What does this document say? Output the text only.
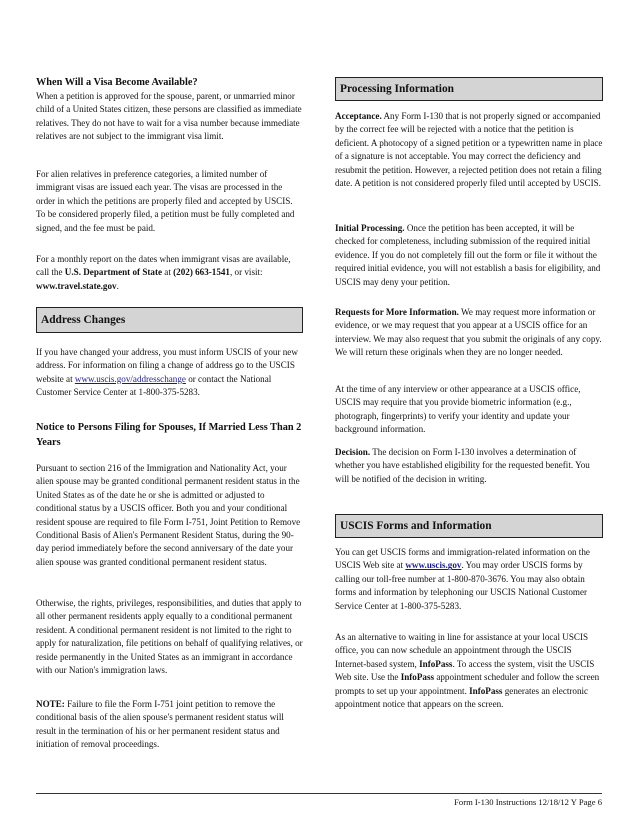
When Will a Visa Become Available?

When a petition is approved for the spouse, parent, or unmarried minor child of a United States citizen, these persons are classified as immediate relatives. They do not have to wait for a visa number because immediate relatives are not subject to the immigrant visa limit.

For alien relatives in preference categories, a limited number of immigrant visas are issued each year. The visas are processed in the order in which the petitions are properly filed and accepted by USCIS. To be considered properly filed, a petition must be fully completed and signed, and the fee must be paid.

For a monthly report on the dates when immigrant visas are available, call the U.S. Department of State at (202) 663-1541, or visit: www.travel.state.gov.

Address Changes

If you have changed your address, you must inform USCIS of your new address. For information on filing a change of address go to the USCIS website at www.uscis.gov/addresschange or contact the National Customer Service Center at 1-800-375-5283.

Notice to Persons Filing for Spouses, If Married Less Than 2 Years

Pursuant to section 216 of the Immigration and Nationality Act, your alien spouse may be granted conditional permanent resident status in the United States as of the date he or she is admitted or adjusted to conditional status by a USCIS officer. Both you and your conditional resident spouse are required to file Form I-751, Joint Petition to Remove Conditional Basis of Alien's Permanent Resident Status, during the 90-day period immediately before the second anniversary of the date your alien spouse was granted conditional permanent resident status.

Otherwise, the rights, privileges, responsibilities, and duties that apply to all other permanent residents apply equally to a conditional permanent resident. A conditional permanent resident is not limited to the right to apply for naturalization, file petitions on behalf of qualifying relatives, or reside permanently in the United States as an immigrant in accordance with our Nation's immigration laws.

NOTE: Failure to file the Form I-751 joint petition to remove the conditional basis of the alien spouse's permanent resident status will result in the termination of his or her permanent resident status and initiation of removal proceedings.

Processing Information

Acceptance. Any Form I-130 that is not properly signed or accompanied by the correct fee will be rejected with a notice that the petition is deficient. A photocopy of a signed petition or a typewritten name in place of a signature is not acceptable. You may correct the deficiency and resubmit the petition. However, a rejected petition does not retain a filing date. A petition is not considered properly filed until accepted by USCIS.

Initial Processing. Once the petition has been accepted, it will be checked for completeness, including submission of the required initial evidence. If you do not completely fill out the form or file it without the required initial evidence, you will not establish a basis for eligibility, and USCIS may deny your petition.

Requests for More Information. We may request more information or evidence, or we may request that you appear at a USCIS office for an interview. We may also request that you submit the originals of any copy. We will return these originals when they are no longer needed.

At the time of any interview or other appearance at a USCIS office, USCIS may require that you provide biometric information (e.g., photograph, fingerprints) to verify your identity and update your background information.

Decision. The decision on Form I-130 involves a determination of whether you have established eligibility for the requested benefit. You will be notified of the decision in writing.

USCIS Forms and Information

You can get USCIS forms and immigration-related information on the USCIS Web site at www.uscis.gov. You may order USCIS forms by calling our toll-free number at 1-800-870-3676. You may also obtain forms and information by telephoning our USCIS National Customer Service Center at 1-800-375-5283.

As an alternative to waiting in line for assistance at your local USCIS office, you can now schedule an appointment through the USCIS Internet-based system, InfoPass. To access the system, visit the USCIS Web site. Use the InfoPass appointment scheduler and follow the screen prompts to set up your appointment. InfoPass generates an electronic appointment notice that appears on the screen.

Form I-130 Instructions 12/18/12 Y Page 6
